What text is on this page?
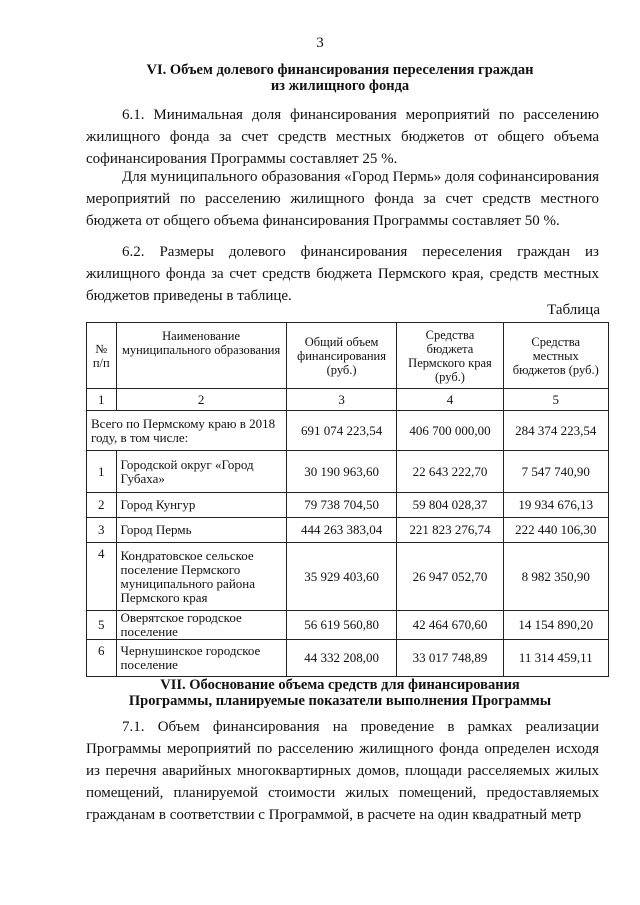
3
VI. Объем долевого финансирования переселения граждан
из жилищного фонда
6.1. Минимальная доля финансирования мероприятий по расселению жилищного фонда за счет средств местных бюджетов от общего объема софинансирования Программы составляет 25 %.
Для муниципального образования «Город Пермь» доля софинансирования мероприятий по расселению жилищного фонда за счет средств местного бюджета от общего объема финансирования Программы составляет 50 %.
6.2. Размеры долевого финансирования переселения граждан из жилищного фонда за счет средств бюджета Пермского края, средств местных бюджетов приведены в таблице.
Таблица
№ п/п	Наименование муниципального образования	Общий объем финансирования (руб.)	Средства бюджета Пермского края (руб.)	Средства местных бюджетов (руб.)
1	2	3	4	5
Всего по Пермскому краю в 2018 году, в том числе:		691 074 223,54	406 700 000,00	284 374 223,54
1	Городской округ «Город Губаха»	30 190 963,60	22 643 222,70	7 547 740,90
2	Город Кунгур	79 738 704,50	59 804 028,37	19 934 676,13
3	Город Пермь	444 263 383,04	221 823 276,74	222 440 106,30
4	Кондратовское сельское поселение Пермского муниципального района Пермского края	35 929 403,60	26 947 052,70	8 982 350,90
5	Оверятское городское поселение	56 619 560,80	42 464 670,60	14 154 890,20
6	Чернушинское городское поселение	44 332 208,00	33 017 748,89	11 314 459,11
VII. Обоснование объема средств для финансирования
Программы, планируемые показатели выполнения Программы
7.1. Объем финансирования на проведение в рамках реализации Программы мероприятий по расселению жилищного фонда определен исходя из перечня аварийных многоквартирных домов, площади расселяемых жилых помещений, планируемой стоимости жилых помещений, предоставляемых гражданам в соответствии с Программой, в расчете на один квадратный метр
